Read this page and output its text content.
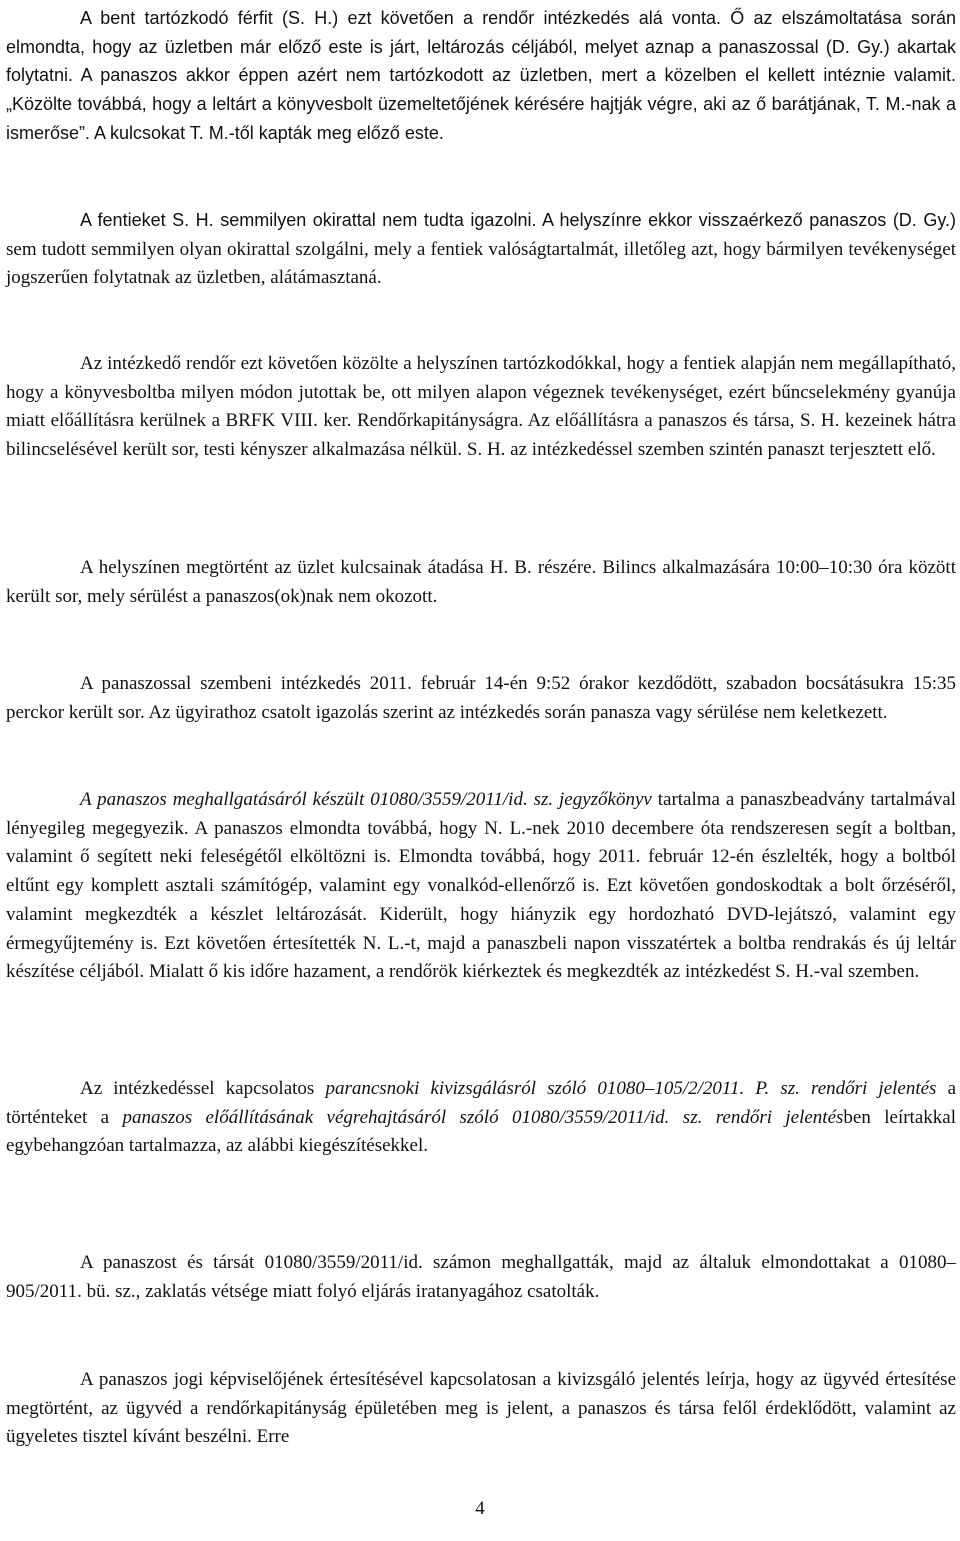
A bent tartózkodó férfit (S. H.) ezt követően a rendőr intézkedés alá vonta. Ő az elszámoltatása során elmondta, hogy az üzletben már előző este is járt, leltározás céljából, melyet aznap a panaszossal (D. Gy.) akartak folytatni. A panaszos akkor éppen azért nem tartózkodott az üzletben, mert a közelben el kellett intéznie valamit. „Közölte továbbá, hogy a leltárt a könyvesbolt üzemeltetőjének kérésére hajtják végre, aki az ő barátjának, T. M.-nak a ismerőse”. A kulcsokat T. M.-től kapták meg előző este.

A fentieket S. H. semmilyen okirattal nem tudta igazolni. A helyszínre ekkor visszaérkező panaszos (D. Gy.) sem tudott semmilyen olyan okirattal szolgálni, mely a fentiek valóságtartalmát, illetőleg azt, hogy bármilyen tevékenységet jogszerűen folytatnak az üzletben, alátámasztaná.

Az intézkedő rendőr ezt követően közölte a helyszínen tartózkodókkal, hogy a fentiek alapján nem megállapítható, hogy a könyvesboltba milyen módon jutottak be, ott milyen alapon végeznek tevékenységet, ezért bűncselekmény gyanúja miatt előállításra kerülnek a BRFK VIII. ker. Rendőrkapitányságra. Az előállításra a panaszos és társa, S. H. kezeinek hátra bilincselésével került sor, testi kényszer alkalmazása nélkül. S. H. az intézkedéssel szemben szintén panaszt terjesztett elő.

A helyszínen megtörtént az üzlet kulcsainak átadása H. B. részére. Bilincs alkalmazására 10:00–10:30 óra között került sor, mely sérülést a panaszos(ok)nak nem okozott.

A panaszossal szembeni intézkedés 2011. február 14-én 9:52 órakor kezdődött, szabadon bocsátásukra 15:35 perckor került sor. Az ügyirathoz csatolt igazolás szerint az intézkedés során panasza vagy sérülése nem keletkezett.

A panaszos meghallgatásáról készült 01080/3559/2011/id. sz. jegyzőkönyv tartalma a panaszbeadvány tartalmával lényegileg megegyezik. A panaszos elmondta továbbá, hogy N. L.-nek 2010 decembere óta rendszeresen segít a boltban, valamint ő segített neki feleségétől elköltözni is. Elmondta továbbá, hogy 2011. február 12-én észlelték, hogy a boltból eltűnt egy komplett asztali számítógép, valamint egy vonalkód-ellenőrző is. Ezt követően gondoskodtak a bolt őrzéséről, valamint megkezdték a készlet leltározását. Kiderült, hogy hiányzik egy hordozható DVD-lejátszó, valamint egy érmegyűjtemény is. Ezt követően értesítették N. L.-t, majd a panaszbeli napon visszatértek a boltba rendrakás és új leltár készítése céljából. Mialatt ő kis időre hazament, a rendőrök kiérkeztek és megkezdték az intézkedést S. H.-val szemben.

Az intézkedéssel kapcsolatos parancsnoki kivizsgálásról szóló 01080–105/2/2011. P. sz. rendőri jelentés a történteket a panaszos előállításának végrehajtásáról szóló 01080/3559/2011/id. sz. rendőri jelentésben leírtakkal egybehangzóan tartalmazza, az alábbi kiegészítésekkel.

A panaszost és társát 01080/3559/2011/id. számon meghallgatták, majd az általuk elmondottakat a 01080–905/2011. bü. sz., zaklatás vétsége miatt folyó eljárás iratanyagához csatolták.

A panaszos jogi képviselőjének értesítésével kapcsolatosan a kivizsgáló jelentés leírja, hogy az ügyvéd értesítése megtörtént, az ügyvéd a rendőrkapitányság épületében meg is jelent, a panaszos és társa felől érdeklődött, valamint az ügyeletes tisztel kívánt beszélni. Erre

4
